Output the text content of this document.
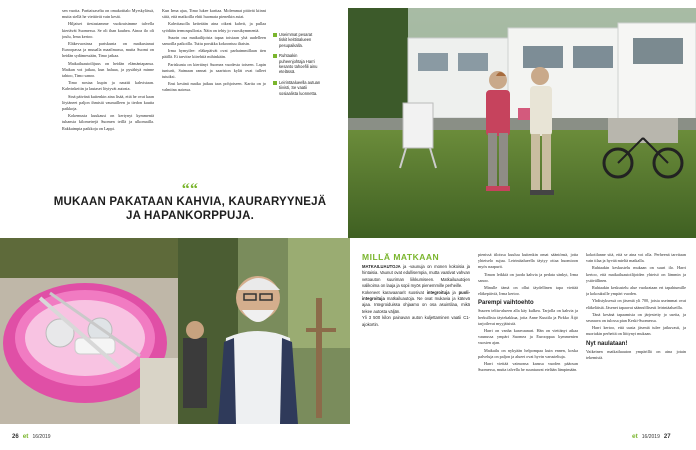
sen vuotta. Partiaisaselta on omakotitalo Myrskylässä, mutta siellä he viettävät vain kesät.

Hiljaiset tiestastamme vuokraisimme talvella kiertävät Suomessa. Se oli ihan kauhea. Ainoa ilo oli joulu, Irma kertoo.

Eläkevuosinsa pariskunta on matkustanut Euroopassa ja muualla maailmassa, mutta Suomi on heidän sydämessään, Timo jatkaa.

Matkailuautoilijuus on heidän elämäntapansa. Matkan voi jatkaa, kun haluaa, ja pysähtyä minne tahtoo, Timo sanoo.

Timo nostaa kupin ja nauttii kahvistaan. Kahvinkeitin ja lautaset löytyvät autosta.

Sinä päivänä kuitenkin aina lisää, että he ovat kaan löytäneet paljon ihmisiä vaunuilleen ja tiedon kautta paikkoja.

Kokemusta kuukausi on kertynyt kymmeniä tuhansia kilometrejä Suomen teillä ja ulkomailla. Rakkaimpia paikkoja on Lappi.

Kun Irma ajaa, Timo lukee karttaa. Molemmat pitävät kiinni siitä, että matkoilla ehtii huomata pienetkin asiat.

Kahvitauolla keitetään aina oikeat kahvit, ja pullaa syödään termospullosta. Näin on tehty jo vuosikymmeniä.

Suurin osa matkailijoista tapaa toisiaan yhä uudelleen samoilla paikoilla. Tuttu porukka kokoontuu iltaisin.

Irma hymyilee: eläkepäivät ovat parhaimmillaan tien päällä. Ei tarvitse kiirehtiä mihinkään.

Pariskunta on kiertänyt Suomea vuodesta toiseen. Lapin tunturit, Saimaan rannat ja saariston kylät ovat tulleet tutuiksi.

Ensi kesänä matka jatkuu taas pohjoiseen. Kartta on jo valmiina autossa.

Useimmat pesarat tiskit keittiöalueen pesupaikalla.
Ruhtaakin puheenjohtaja Harri kesanto tahoefili ainu etelässä.
Leirintäalueella autuan tiivisti, Se vaatii sosiaalista luonnetta.
““
MUKAAN PAKATAAN KAHVIA, KAURARYYNEJÄ JA HAPANKORPPUJA.
MILLÄ MATKAAN

MATKAILUAUTOJA ja -vaunuja on monen kokoisia ja hintaisia. Vaunut ovat edullisempia, mutta vaativat vahvan vetoauton suuriman liikkumiseen. Matkailuautojen valikoima on laaja ja sopii myös pienemmille perheille.

Kokeneet karavaanarit suosivat integroituja ja puoli-integroituja matkailuautoja. Ne ovat mukavia ja kätevä ajaa. Integroiduissa ohjaamo on osa asuintilaa, mikä tekee autosta väljän.

Yli 3 500 kilon painavan auton kuljettaminen vaatii C1-ajokortin.

pienissä tiloissa kuuluu kuitenkin omat sääntönsä, jotta yhteiselo sujuu. Leirintäalueella täytyy ottaa huomioon myös naapurit.

Timon leikkiä on juoda kahvia ja pedata sänkyt, Irma sanoo.

Minulle tämä on ollut täydellinen tapa viettää eläkepäiviä, Irma kertoo.

Parempi vaihtoehto

Suuren teltta-alueen alla käy kulkea. Tarjolla on kahvia ja herkullista täytekakkua, joita Anne Kuutila ja Pirkko Äijö tarjoilevat myyjäisistä.

Harri on vanha karavaanari. Hän on viettänyt aikaa vaunussa ympäri Suomea ja Eurooppaa kymmenien vuosien ajan.

Matkailu on nykyään helpompaa kuin ennen, koska palveluja on paljon ja alueet ovat hyvin varusteltuja.

Harri viettää vaimonsa kanssa vuoden pääosan Suomessa, mutta talvella he suuntaavat etelään lämpimään.

kokotilanne sitä, että se aina voi olla. Perheenä tarvitaan vain tilaa ja hyvää mieltä matkalla.

Ruhtaakin keskustelu mukaan on suuri ilo. Harri kertoo, että matkailuautoilijoiden yhteisö on lämmin ja ystävällinen.

Ruhtaakin keskustelu alue vuokrataan eri tapahtumille ja kokouksille ympäri vuoden.

Yhdistyksessä on jäseniä yli 700, joista useimmat ovat eläkeläisiä. Jäsenet tapaavat säännöllisesti leirintäalueilla.

Tänä kesänä tapaamisia on järjestetty jo useita, ja seuraava on tulossa pian Keski-Suomessa.

Harri kertoo, että uusia jäseniä tulee jatkuvasti, ja nuoriakin perheitä on liittynyt mukaan.

Nyt naulataan!

Vaikeinen matkailuauton ympärillä on aina jotain tekemistä.

26 et 16/2019	et 16/2019 27
